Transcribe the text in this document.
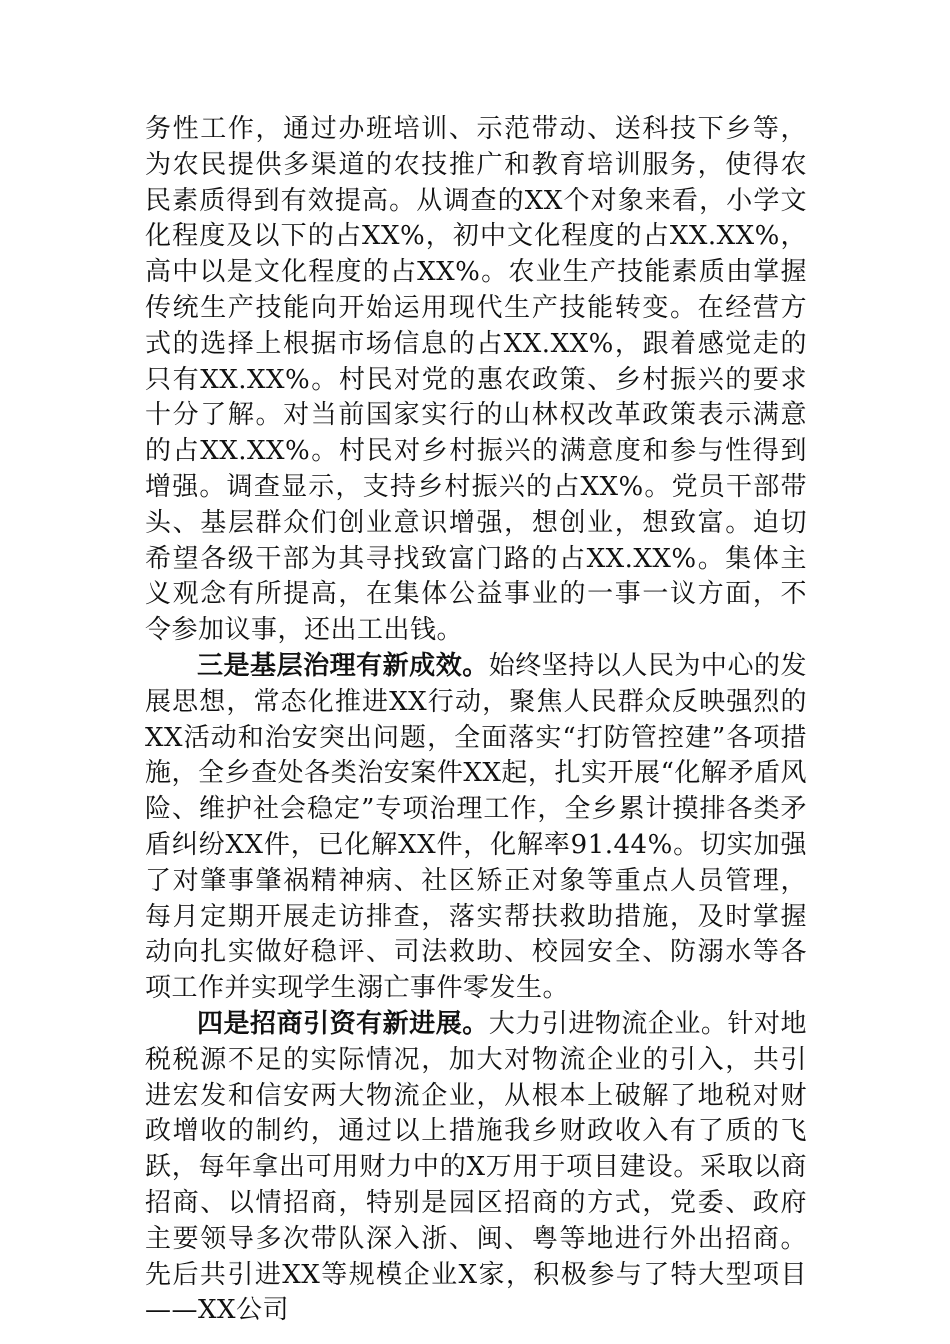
务性工作，通过办班培训、示范带动、送科技下乡等，为农民提供多渠道的农技推广和教育培训服务，使得农民素质得到有效提高。从调查的XX个对象来看，小学文化程度及以下的占XX%，初中文化程度的占XX.XX%，高中以是文化程度的占XX%。农业生产技能素质由掌握传统生产技能向开始运用现代生产技能转变。在经营方式的选择上根据市场信息的占XX.XX%，跟着感觉走的只有XX.XX%。村民对党的惠农政策、乡村振兴的要求十分了解。对当前国家实行的山林权改革政策表示满意的占XX.XX%。村民对乡村振兴的满意度和参与性得到增强。调查显示，支持乡村振兴的占XX%。党员干部带头、基层群众们创业意识增强，想创业，想致富。迫切希望各级干部为其寻找致富门路的占XX.XX%。集体主义观念有所提高，在集体公益事业的一事一议方面，不令参加议事，还出工出钱。

三是基层治理有新成效。始终坚持以人民为中心的发展思想，常态化推进XX行动，聚焦人民群众反映强烈的XX活动和治安突出问题，全面落实“打防管控建”各项措施，全乡查处各类治安案件XX起，扎实开展“化解矛盾风险、维护社会稳定”专项治理工作，全乡累计摸排各类矛盾纠纷XX件，已化解XX件，化解率91.44%。切实加强了对肇事肇祸精神病、社区矫正对象等重点人员管理，每月定期开展走访排查，落实帮扶救助措施，及时掌握动向扎实做好稳评、司法救助、校园安全、防溺水等各项工作并实现学生溺亡事件零发生。

四是招商引资有新进展。大力引进物流企业。针对地税税源不足的实际情况，加大对物流企业的引入，共引进宏发和信安两大物流企业，从根本上破解了地税对财政增收的制约，通过以上措施我乡财政收入有了质的飞跃，每年拿出可用财力中的X万用于项目建设。采取以商招商、以情招商，特别是园区招商的方式，党委、政府主要领导多次带队深入浙、闽、粤等地进行外出招商。先后共引进XX等规模企业X家，积极参与了特大型项目——XX公司
